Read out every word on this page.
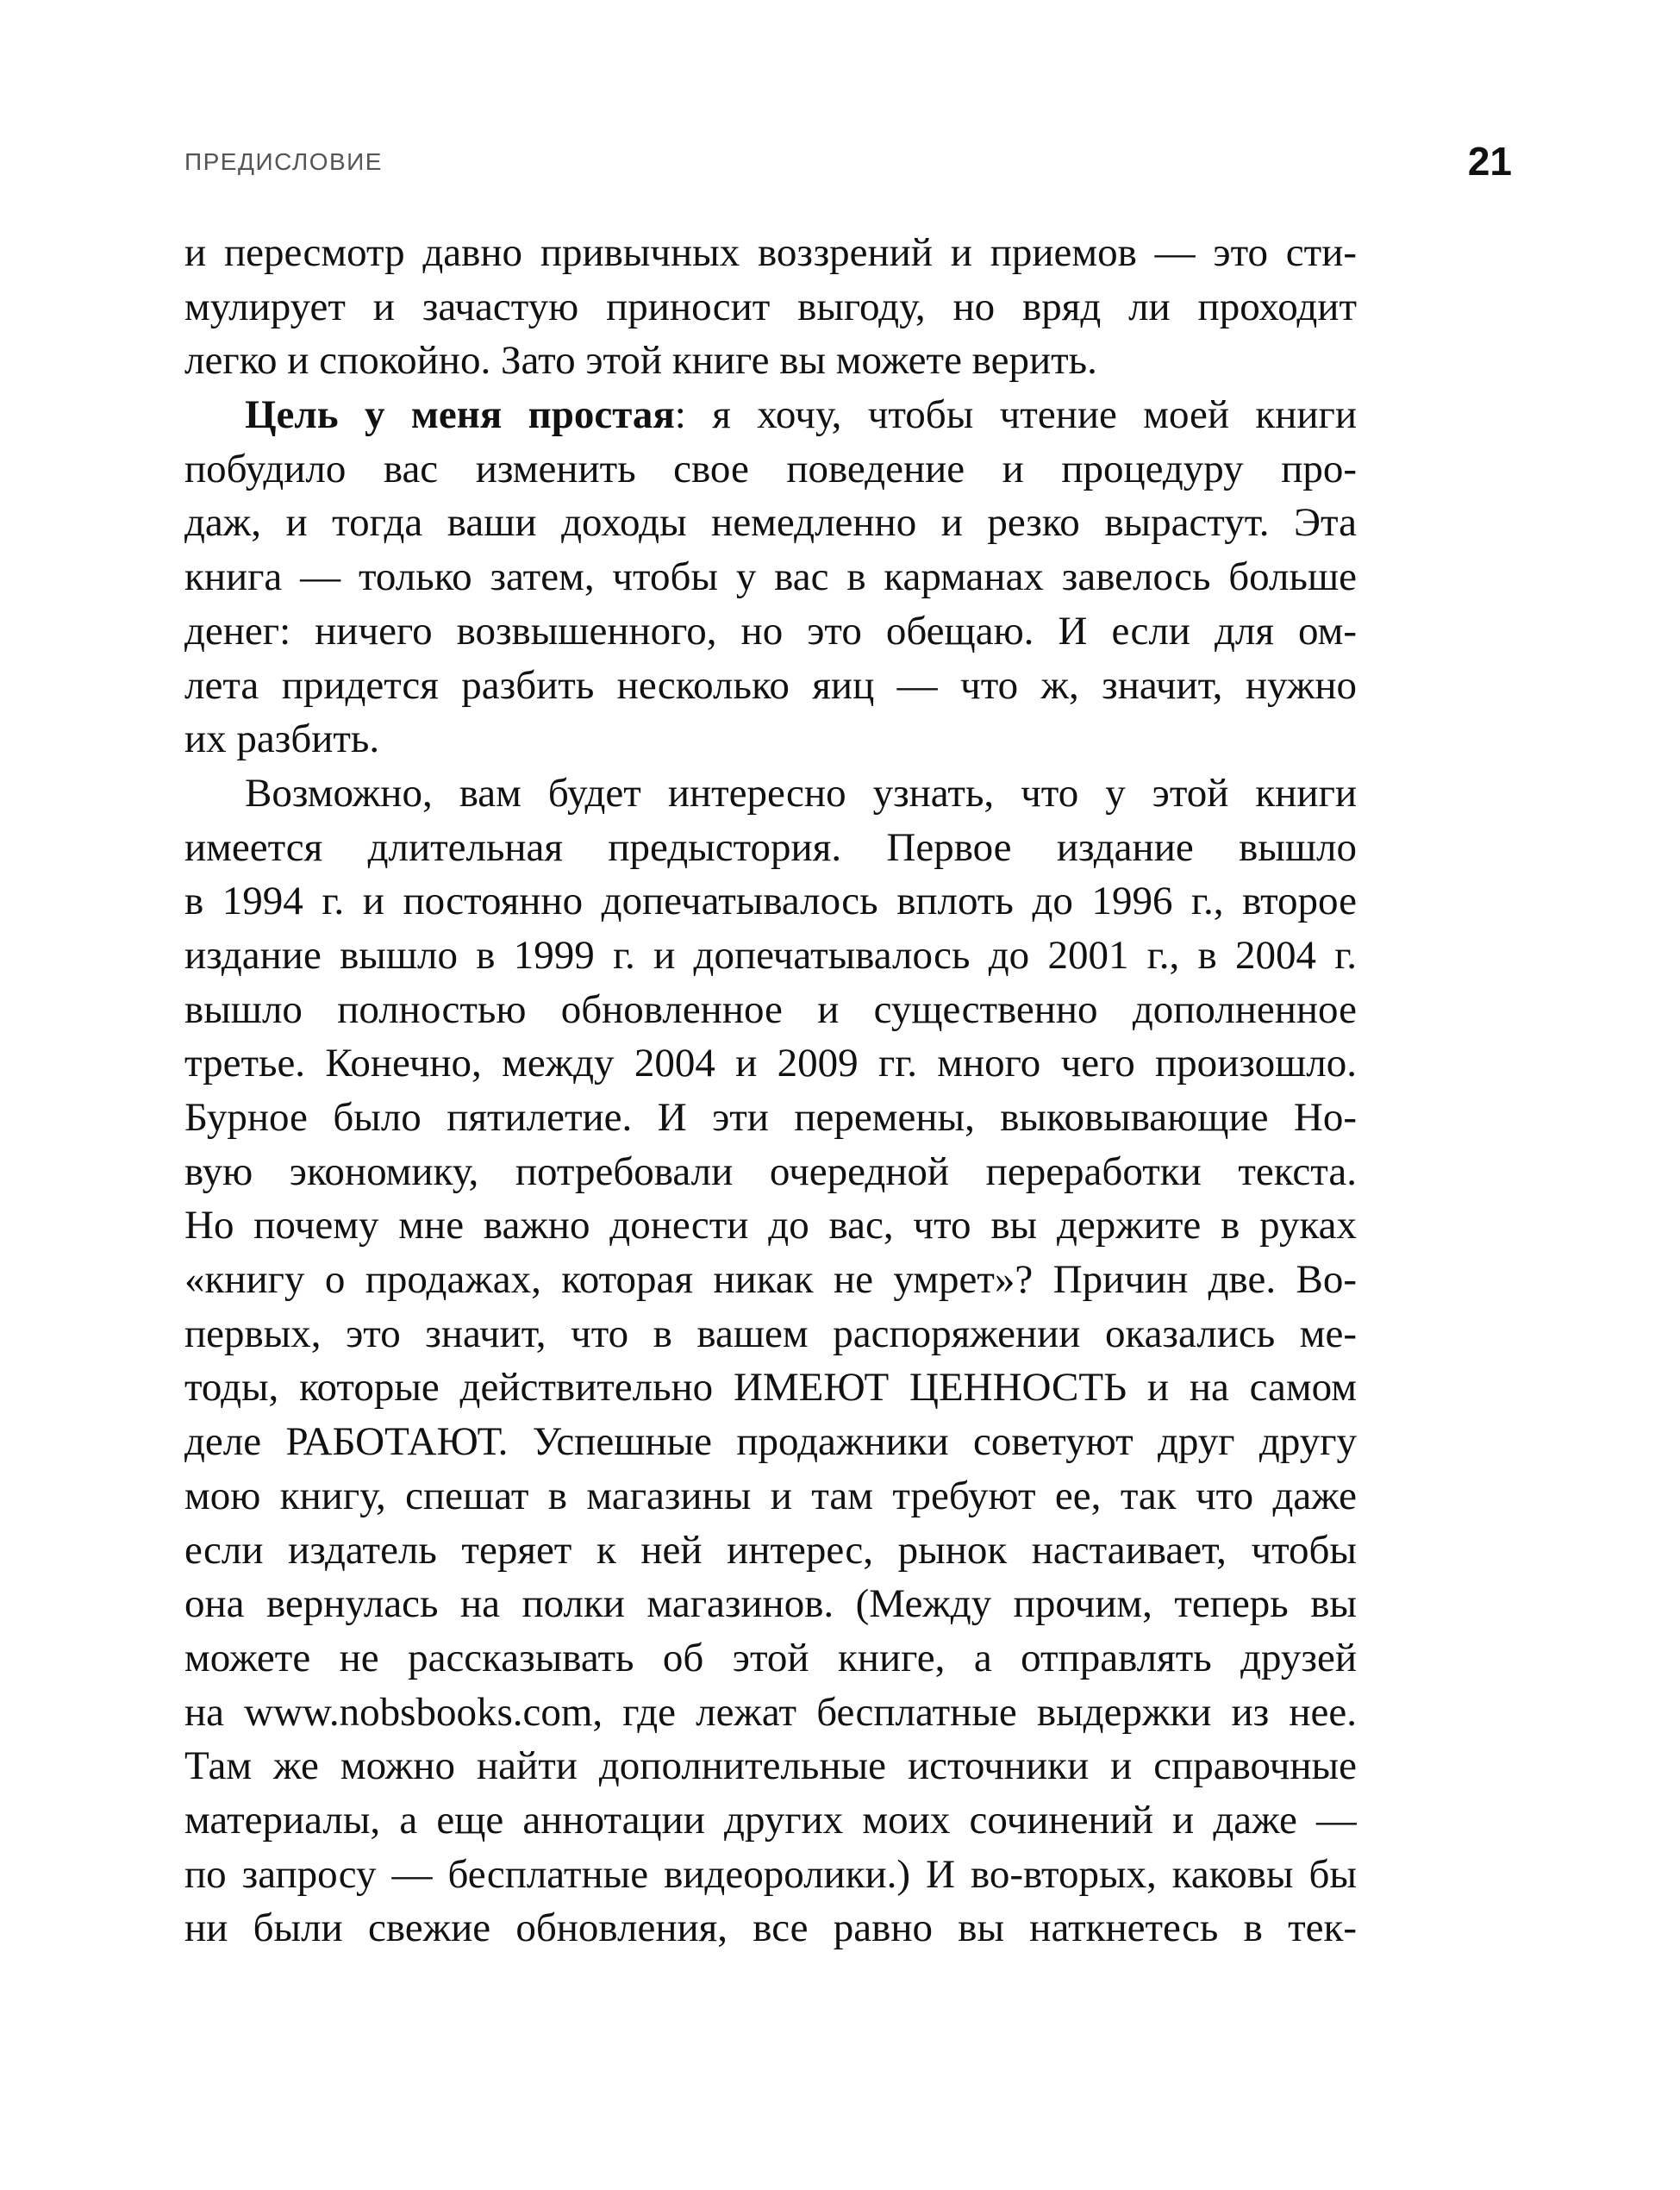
ПРЕДИСЛОВИЕ	21
и пересмотр давно привычных воззрений и приемов — это сти-
мулирует и зачастую приносит выгоду, но вряд ли проходит
легко и спокойно. Зато этой книге вы можете верить.
Цель у меня простая: я хочу, чтобы чтение моей книги
побудило вас изменить свое поведение и процедуру про-
даж, и тогда ваши доходы немедленно и резко вырастут. Эта
книга — только затем, чтобы у вас в карманах завелось больше
денег: ничего возвышенного, но это обещаю. И если для ом-
лета придется разбить несколько яиц — что ж, значит, нужно
их разбить.
Возможно, вам будет интересно узнать, что у этой книги
имеется длительная предыстория. Первое издание вышло
в 1994 г. и постоянно допечатывалось вплоть до 1996 г., второе
издание вышло в 1999 г. и допечатывалось до 2001 г., в 2004 г.
вышло полностью обновленное и существенно дополненное
третье. Конечно, между 2004 и 2009 гг. много чего произошло.
Бурное было пятилетие. И эти перемены, выковывающие Но-
вую экономику, потребовали очередной переработки текста.
Но почему мне важно донести до вас, что вы держите в руках
«книгу о продажах, которая никак не умрет»? Причин две. Во-
первых, это значит, что в вашем распоряжении оказались ме-
тоды, которые действительно ИМЕЮТ ЦЕННОСТЬ и на самом
деле РАБОТАЮТ. Успешные продажники советуют друг другу
мою книгу, спешат в магазины и там требуют ее, так что даже
если издатель теряет к ней интерес, рынок настаивает, чтобы
она вернулась на полки магазинов. (Между прочим, теперь вы
можете не рассказывать об этой книге, а отправлять друзей
на www.nobsbooks.com, где лежат бесплатные выдержки из нее.
Там же можно найти дополнительные источники и справочные
материалы, а еще аннотации других моих сочинений и даже —
по запросу — бесплатные видеоролики.) И во-вторых, каковы бы
ни были свежие обновления, все равно вы наткнетесь в тек-
